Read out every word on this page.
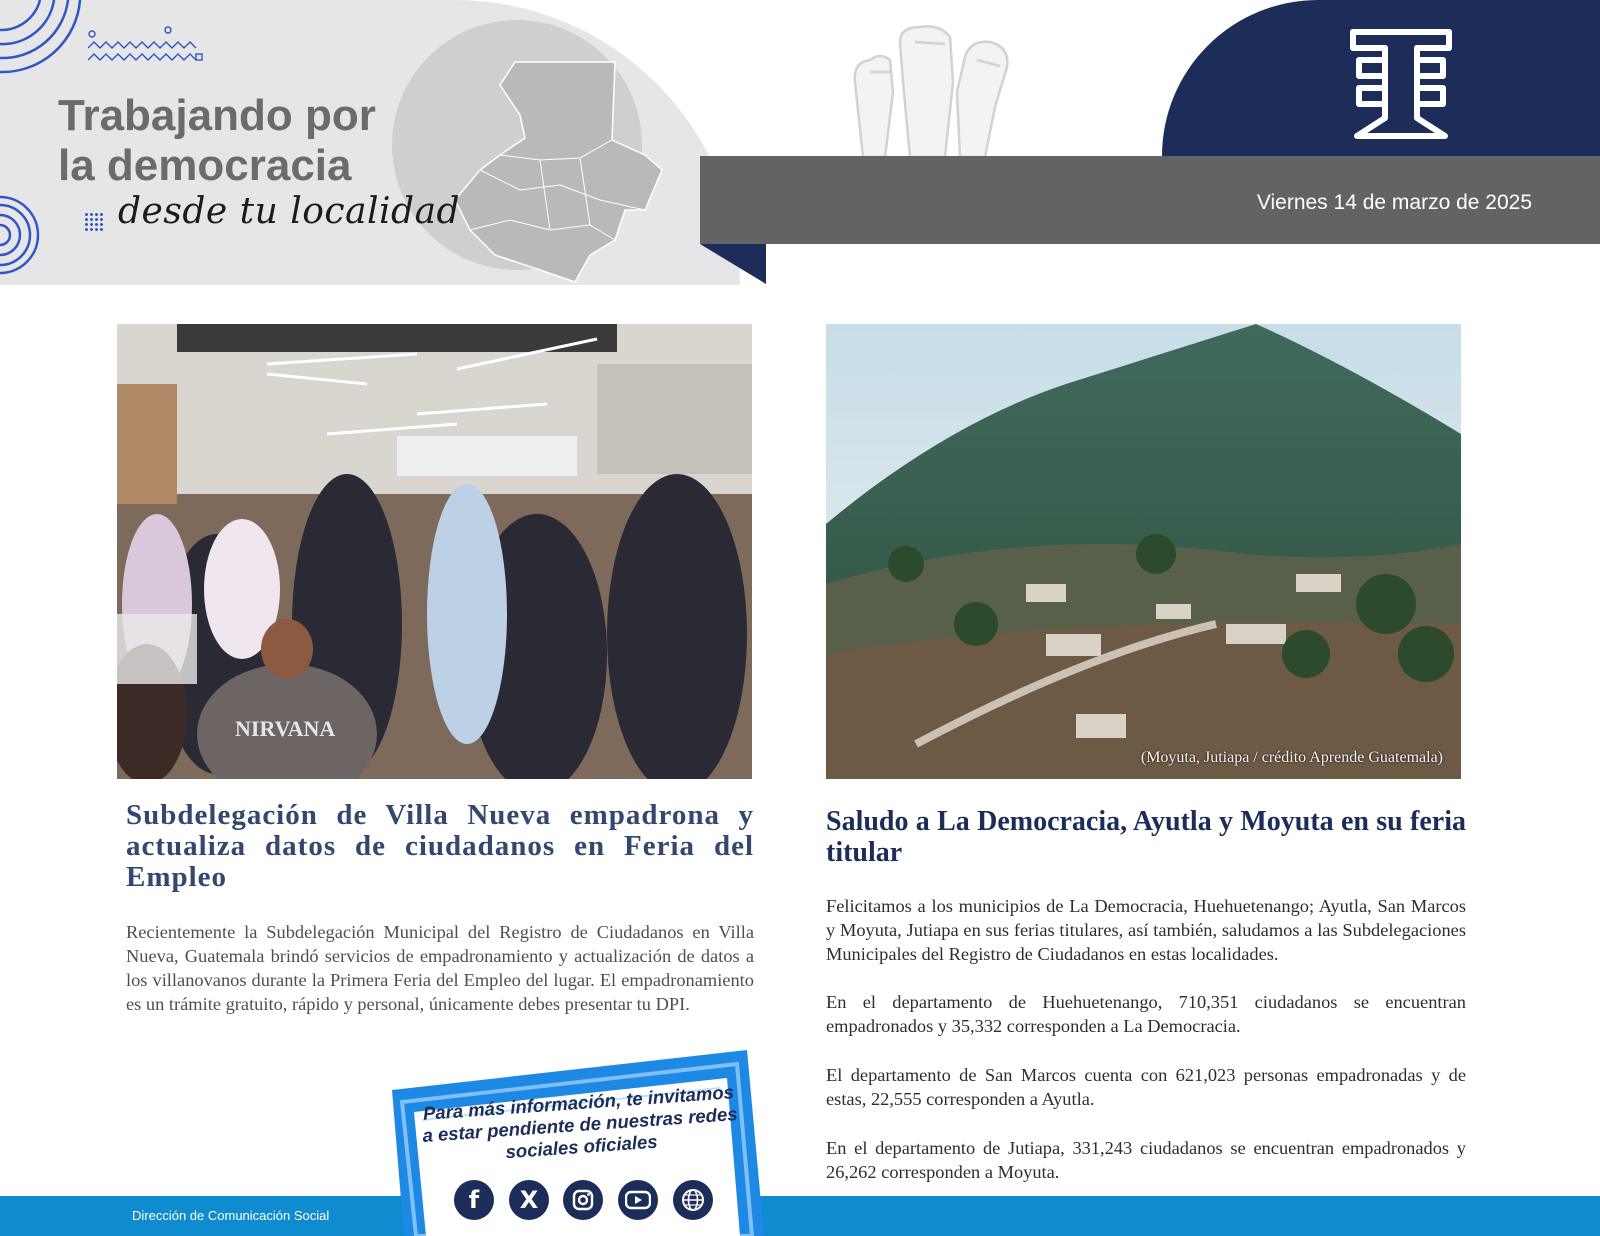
Trabajando por
la democracia
desde tu localidad	Viernes 14 de marzo de 2025
NIRVANA
Subdelegación de Villa Nueva empadrona y actualiza datos de ciudadanos en Feria del Empleo

Recientemente la Subdelegación Municipal del Registro de Ciudadanos en Villa Nueva, Guatemala brindó servicios de empadronamiento y actualización de datos a los villanovanos durante la Primera Feria del Empleo del lugar. El empadronamiento es un trámite gratuito, rápido y personal, únicamente debes presentar tu DPI.

(Moyuta, Jutiapa / crédito Aprende Guatemala)
Saludo a La Democracia, Ayutla y Moyuta en su feria titular

Felicitamos a los municipios de La Democracia, Huehuetenango; Ayutla, San Marcos y Moyuta, Jutiapa en sus ferias titulares, así también, saludamos a las Subdelegaciones Municipales del Registro de Ciudadanos en estas localidades.

En el departamento de Huehuetenango, 710,351 ciudadanos se encuentran empadronados y 35,332 corresponden a La Democracia.

El departamento de San Marcos cuenta con 621,023 personas empadronadas y de estas, 22,555 corresponden a Ayutla.

En el departamento de Jutiapa, 331,243 ciudadanos se encuentran empadronados y 26,262 corresponden a Moyuta.

Dirección de Comunicación Social
Para más información, te invitamos a estar pendiente de nuestras redes sociales oficiales
f	X
